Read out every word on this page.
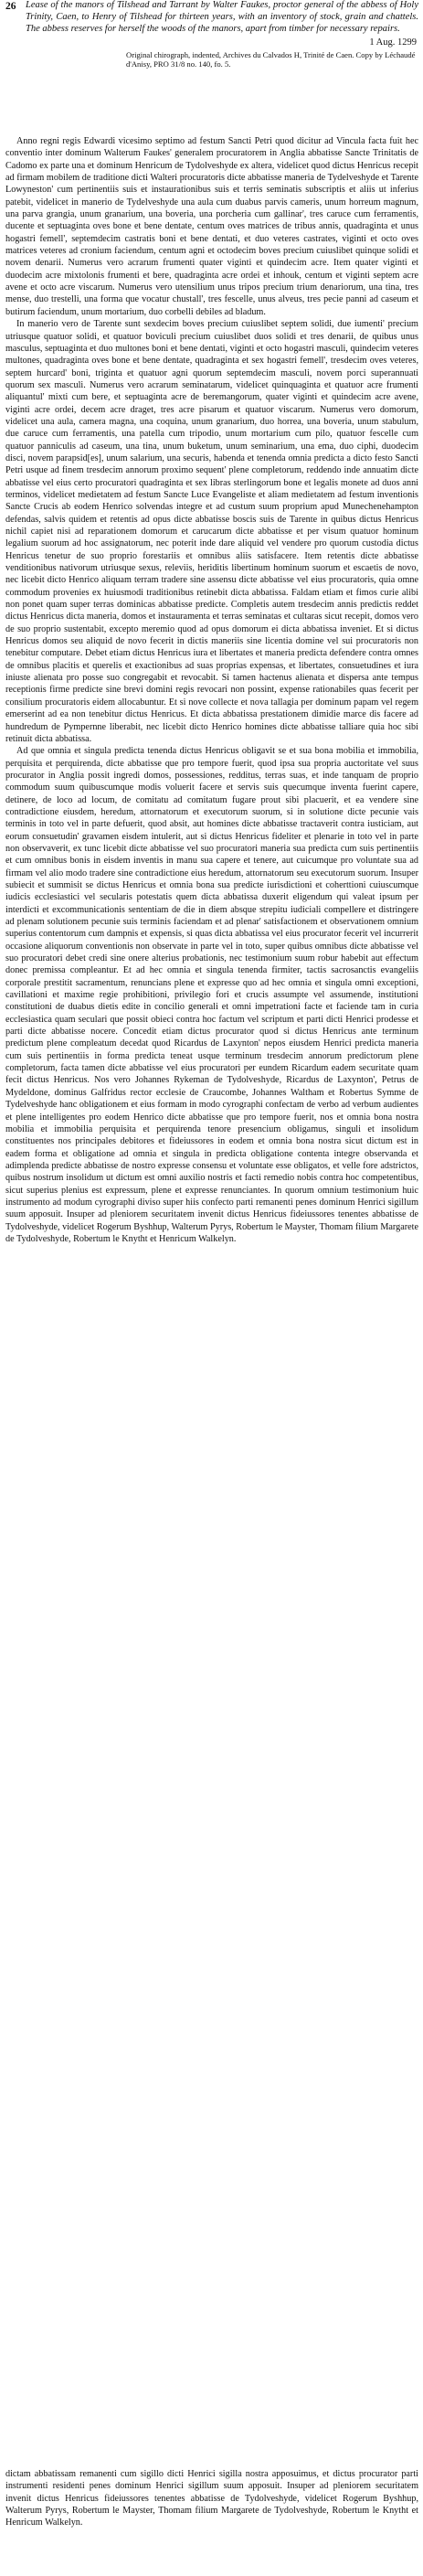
26 Lease of the manors of Tilshead and Tarrant by Walter Faukes, proctor general of the abbess of Holy Trinity, Caen, to Henry of Tilshead for thirteen years, with an inventory of stock, grain and chattels. The abbess reserves for herself the woods of the manors, apart from timber for necessary repairs.

1 Aug. 1299

Original chirograph, indented, Archives du Calvados H, Trinité de Caen. Copy by Léchaudé d'Anisy, PRO 31/8 no. 140, fo. 5.

Anno regni regis Edwardi vicesimo septimo ad festum Sancti Petri quod dicitur ad Vincula facta fuit hec conventio inter dominum Walterum Faukes' generalem procuratorem in Anglia abbatisse Sancte Trinitatis de Cadomo ex parte una et dominum Henricum de Tydolveshyde ex altera, videlicet quod dictus Henricus recepit ad firmam mobilem de traditione dicti Walteri procuratoris dicte abbatisse maneria de Tydelveshyde et Tarente Lowyneston' cum pertinentiis suis et instaurationibus suis et terris seminatis subscriptis et aliis ut inferius patebit, videlicet in manerio de Tydelveshyde una aula cum duabus parvis cameris, unum horreum magnum, una parva grangia, unum granarium, una boveria, una porcheria cum gallinar', tres caruce cum ferramentis, ducente et septuaginta oves bone et bene dentate, centum oves matrices de tribus annis, quadraginta et unus hogastri femell', septemdecim castratis boni et bene dentati, et duo veteres castrates, viginti et octo oves matrices veteres ad cronium faciendum, centum agni et octodecim boves precium cuiuslibet quinque solidi et novem denarii. Numerus vero acrarum frumenti quater viginti et quindecim acre. Item quater viginti et duodecim acre mixtolonis frumenti et bere, quadraginta acre ordei et inhouk, centum et viginti septem acre avene et octo acre viscarum. Numerus vero utensilium unus tripos precium trium denariorum, una tina, tres mense, duo trestelli, una forma que vocatur chustall', tres fescelle, unus alveus, tres pecie panni ad caseum et butirum faciendum, unum mortarium, duo corbelli debiles ad bladum.

In manerio vero de Tarente sunt sexdecim boves precium cuiuslibet septem solidi, due iumenti' precium utriusque quatuor solidi, et quatuor boviculi precium cuiuslibet duos solidi et tres denarii, de quibus unus masculus, septuaginta et duo multones boni et bene dentati, viginti et octo hogastri masculi, quindecim veteres multones, quadraginta oves bone et bene dentate, quadraginta et sex hogastri femell', tresdecim oves veteres, septem hurcard' boni, triginta et quatuor agni quorum septemdecim masculi, novem porci superannuati quorum sex masculi. Numerus vero acrarum seminatarum, videlicet quinquaginta et quatuor acre frumenti aliquantul' mixti cum bere, et septuaginta acre de beremangorum, quater viginti et quindecim acre avene, viginti acre ordei, decem acre draget, tres acre pisarum et quatuor viscarum. Numerus vero domorum, videlicet una aula, camera magna, una coquina, unum granarium, duo horrea, una boveria, unum stabulum, due caruce cum ferramentis, una patella cum tripodio, unum mortarium cum pilo, quatuor fescelle cum quatuor panniculis ad caseum, una tina, unum buketum, unum seminarium, una ema, duo ciphi, duodecim disci, novem parapsid[es], unum salarium, una securis, habenda et tenenda omnia predicta a dicto festo Sancti Petri usque ad finem tresdecim annorum proximo sequent' plene completorum, reddendo inde annuatim dicte abbatisse vel eius certo procuratori quadraginta et sex libras sterlingorum bone et legalis monete ad duos anni terminos, videlicet medietatem ad festum Sancte Luce Evangeliste et aliam medietatem ad festum inventionis Sancte Crucis ab eodem Henrico solvendas integre et ad custum suum proprium apud Munechenehampton defendas, salvis quidem et retentis ad opus dicte abbatisse boscis suis de Tarente in quibus dictus Henricus nichil capiet nisi ad reparationem domorum et carucarum dicte abbatisse et per visum quatuor hominum legalium suorum ad hoc assignatorum, nec poterit inde dare aliquid vel vendere pro quorum custodia dictus Henricus tenetur de suo proprio forestariis et omnibus aliis satisfacere. Item retentis dicte abbatisse venditionibus nativorum utriusque sexus, releviis, heriditis libertinum hominum suorum et escaetis de novo, nec licebit dicto Henrico aliquam terram tradere sine assensu dicte abbatisse vel eius procuratoris, quia omne commodum provenies ex huiusmodi traditionibus retinebit dicta abbatissa. Faldam etiam et fimos curie alibi non ponet quam super terras dominicas abbatisse predicte. Completis autem tresdecim annis predictis reddet dictus Henricus dicta maneria, domos et instauramenta et terras seminatas et cultaras sicut recepit, domos vero de suo proprio sustentabit, excepto meremio quod ad opus domorum ei dicta abbatissa inveniet. Et si dictus Henricus domos seu aliquid de novo fecerit in dictis maneriis sine licentia domine vel sui procuratoris non tenebitur computare. Debet etiam dictus Henricus iura et libertates et maneria predicta defendere contra omnes de omnibus placitis et querelis et exactionibus ad suas proprias expensas, et libertates, consuetudines et iura iniuste alienata pro posse suo congregabit et revocabit. Si tamen hactenus alienata et dispersa ante tempus receptionis firme predicte sine brevi domini regis revocari non possint, expense rationabiles quas fecerit per consilium procuratoris eidem allocabuntur. Et si nove collecte et nova tallagia per dominum papam vel regem emerserint ad ea non tenebitur dictus Henricus. Et dicta abbatissa prestationem dimidie marce dis facere ad hundredum de Pympernne liberabit, nec licebit dicto Henrico homines dicte abbatisse talliare quia hoc sibi retinuit dicta abbatissa.

Ad que omnia et singula predicta tenenda dictus Henricus obligavit se et sua bona mobilia et immobilia, perquisita et perquirenda, dicte abbatisse que pro tempore fuerit, quod ipsa sua propria auctoritate vel suus procurator in Anglia possit ingredi domos, possessiones, redditus, terras suas, et inde tanquam de proprio commodum suum quibuscumque modis voluerit facere et servis suis quecumque inventa fuerint capere, detinere, de loco ad locum, de comitatu ad comitatum fugare prout sibi placuerit, et ea vendere sine contradictione eiusdem, heredum, attornatorum et executorum suorum, si in solutione dicte pecunie vais terminis in toto vel in parte defuerit, quod absit, aut homines dicte abbatisse tractaverit contra iusticiam, aut eorum consuetudin' gravamen eisdem intulerit, aut si dictus Henricus fideliter et plenarie in toto vel in parte non observaverit, ex tunc licebit dicte abbatisse vel suo procuratori maneria sua predicta cum suis pertinentiis et cum omnibus bonis in eisdem inventis in manu sua capere et tenere, aut cuicumque pro voluntate sua ad firmam vel alio modo tradere sine contradictione eius heredum, attornatorum seu executorum suorum. Insuper subiecit et summisit se dictus Henricus et omnia bona sua predicte iurisdictioni et coherttioni cuiuscumque iudicis ecclesiastici vel secularis potestatis quem dicta abbatissa duxerit eligendum qui valeat ipsum per interdicti et excommunicationis sententiam de die in diem absque strepitu iudiciali compellere et distringere ad plenam solutionem pecunie suis terminis faciendam et ad plenar' satisfactionem et observationem omnium superius contentorum cum dampnis et expensis, si quas dicta abbatissa vel eius procurator fecerit vel incurrerit occasione aliquorum conventionis non observate in parte vel in toto, super quibus omnibus dicte abbatisse vel suo procuratori debet credi sine onere alterius probationis, nec testimonium suum robur habebit aut effectum donec premissa compleantur. Et ad hec omnia et singula tenenda firmiter, tactis sacrosanctis evangeliis corporale prestitit sacramentum, renuncians plene et expresse quo ad hec omnia et singula omni exceptioni, cavillationi et maxime regie prohibitioni, privilegio fori et crucis assumpte vel assumende, institutioni constitutioni de duabus dietis edite in concilio generali et omni impetrationi facte et faciende tam in curia ecclesiastica quam seculari que possit obieci contra hoc factum vel scriptum et parti dicti Henrici prodesse et parti dicte abbatisse nocere. Concedit etiam dictus procurator quod si dictus Henricus ante terminum predictum plene compleatum decedat quod Ricardus de Laxynton' nepos eiusdem Henrici predicta maneria cum suis pertinentiis in forma predicta teneat usque terminum tresdecim annorum predictorum plene completorum, facta tamen dicte abbatisse vel eius procuratori per eundem Ricardum eadem securitate quam fecit dictus Henricus. Nos vero Johannes Rykeman de Tydolveshyde, Ricardus de Laxynton', Petrus de Mydeldone, dominus Galfridus rector ecclesie de Craucombe, Johannes Waltham et Robertus Symme de Tydelveshyde hanc obligationem et eius formam in modo cyrographi confectam de verbo ad verbum audientes et plene intelligentes pro eodem Henrico dicte abbatisse que pro tempore fuerit, nos et omnia bona nostra mobilia et immobilia perquisita et perquirenda tenore presencium obligamus, singuli et insolidum constituentes nos principales debitores et fideiussores in eodem et omnia bona nostra sicut dictum est in eadem forma et obligatione ad omnia et singula in predicta obligatione contenta integre observanda et adimplenda predicte abbatisse de nostro expresse consensu et voluntate esse obligatos, et velle fore adstrictos, quibus nostrum insolidum ut dictum est omni auxilio nostris et facti remedio nobis contra hoc competentibus, sicut superius plenius est expressum, plene et expresse renunciantes. In quorum omnium testimonium huic instrumento ad modum cyrographi diviso super hiis confecto parti remanenti penes dominum Henrici sigillum suum apposuit. Insuper ad pleniorem securitatem invenit dictus Henricus fideiussores tenentes abbatisse de Tydolveshyde, videlicet Rogerum Byshhup, Walterum Pyrys, Robertum le Mayster, Thomam filium Margarete de Tydolveshyde, Robertum le Knytht et Henricum Walkelyn.

dictam abbatissam remanenti cum sigillo dicti Henrici sigilla nostra apposuimus, et dictus procurator parti instrumenti residenti penes dominum Henrici sigillum suum apposuit. Insuper ad pleniorem securitatem invenit dictus Henricus fideiussores tenentes abbatisse de Tydolveshyde, videlicet Rogerum Byshhup, Walterum Pyrys, Robertum le Mayster, Thomam filium Margarete de Tydolveshyde, Robertum le Knytht et Henricum Walkelyn.
